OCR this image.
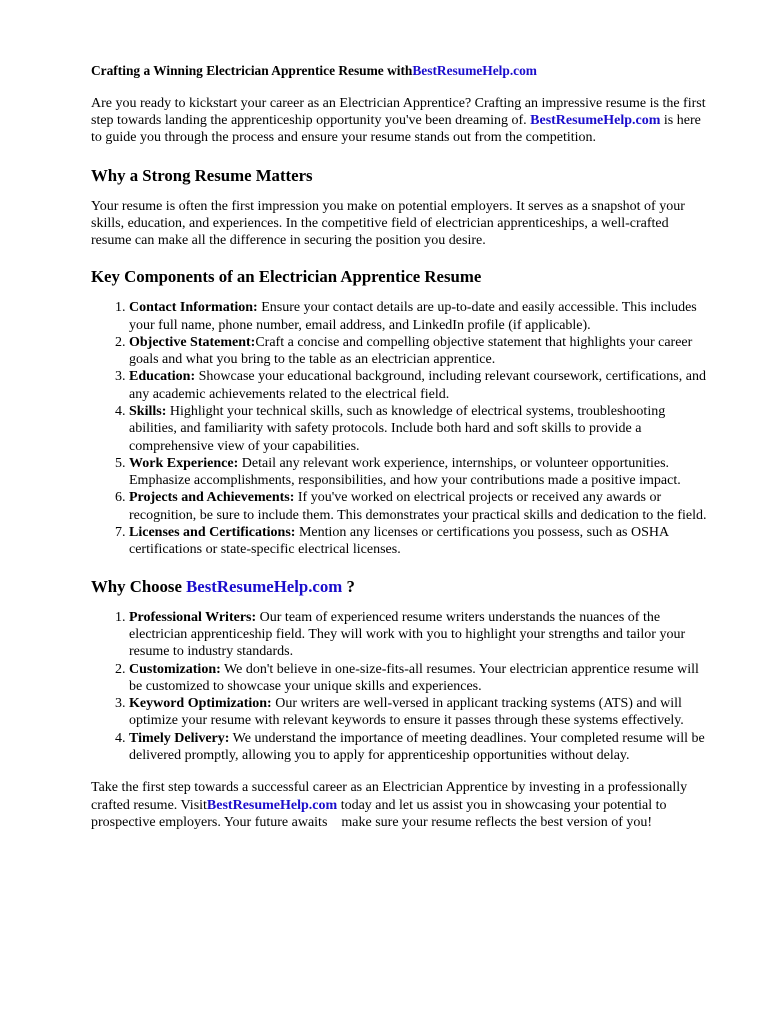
Crafting a Winning Electrician Apprentice Resume withBestResumeHelp.com

Are you ready to kickstart your career as an Electrician Apprentice? Crafting an impressive resume is the first step towards landing the apprenticeship opportunity you've been dreaming of. BestResumeHelp.com is here to guide you through the process and ensure your resume stands out from the competition.

Why a Strong Resume Matters

Your resume is often the first impression you make on potential employers. It serves as a snapshot of your skills, education, and experiences. In the competitive field of electrician apprenticeships, a well-crafted resume can make all the difference in securing the position you desire.

Key Components of an Electrician Apprentice Resume
1. Contact Information: Ensure your contact details are up-to-date and easily accessible. This includes your full name, phone number, email address, and LinkedIn profile (if applicable).
2. Objective Statement:Craft a concise and compelling objective statement that highlights your career goals and what you bring to the table as an electrician apprentice.
3. Education: Showcase your educational background, including relevant coursework, certifications, and any academic achievements related to the electrical field.
4. Skills: Highlight your technical skills, such as knowledge of electrical systems, troubleshooting abilities, and familiarity with safety protocols. Include both hard and soft skills to provide a comprehensive view of your capabilities.
5. Work Experience: Detail any relevant work experience, internships, or volunteer opportunities. Emphasize accomplishments, responsibilities, and how your contributions made a positive impact.
6. Projects and Achievements: If you've worked on electrical projects or received any awards or recognition, be sure to include them. This demonstrates your practical skills and dedication to the field.
7. Licenses and Certifications: Mention any licenses or certifications you possess, such as OSHA certifications or state-specific electrical licenses.
Why Choose BestResumeHelp.com ?
1. Professional Writers: Our team of experienced resume writers understands the nuances of the electrician apprenticeship field. They will work with you to highlight your strengths and tailor your resume to industry standards.
2. Customization: We don't believe in one-size-fits-all resumes. Your electrician apprentice resume will be customized to showcase your unique skills and experiences.
3. Keyword Optimization: Our writers are well-versed in applicant tracking systems (ATS) and will optimize your resume with relevant keywords to ensure it passes through these systems effectively.
4. Timely Delivery: We understand the importance of meeting deadlines. Your completed resume will be delivered promptly, allowing you to apply for apprenticeship opportunities without delay.

Take the first step towards a successful career as an Electrician Apprentice by investing in a professionally crafted resume. VisitBestResumeHelp.com today and let us assist you in showcasing your potential to prospective employers. Your future awaits    make sure your resume reflects the best version of you!
